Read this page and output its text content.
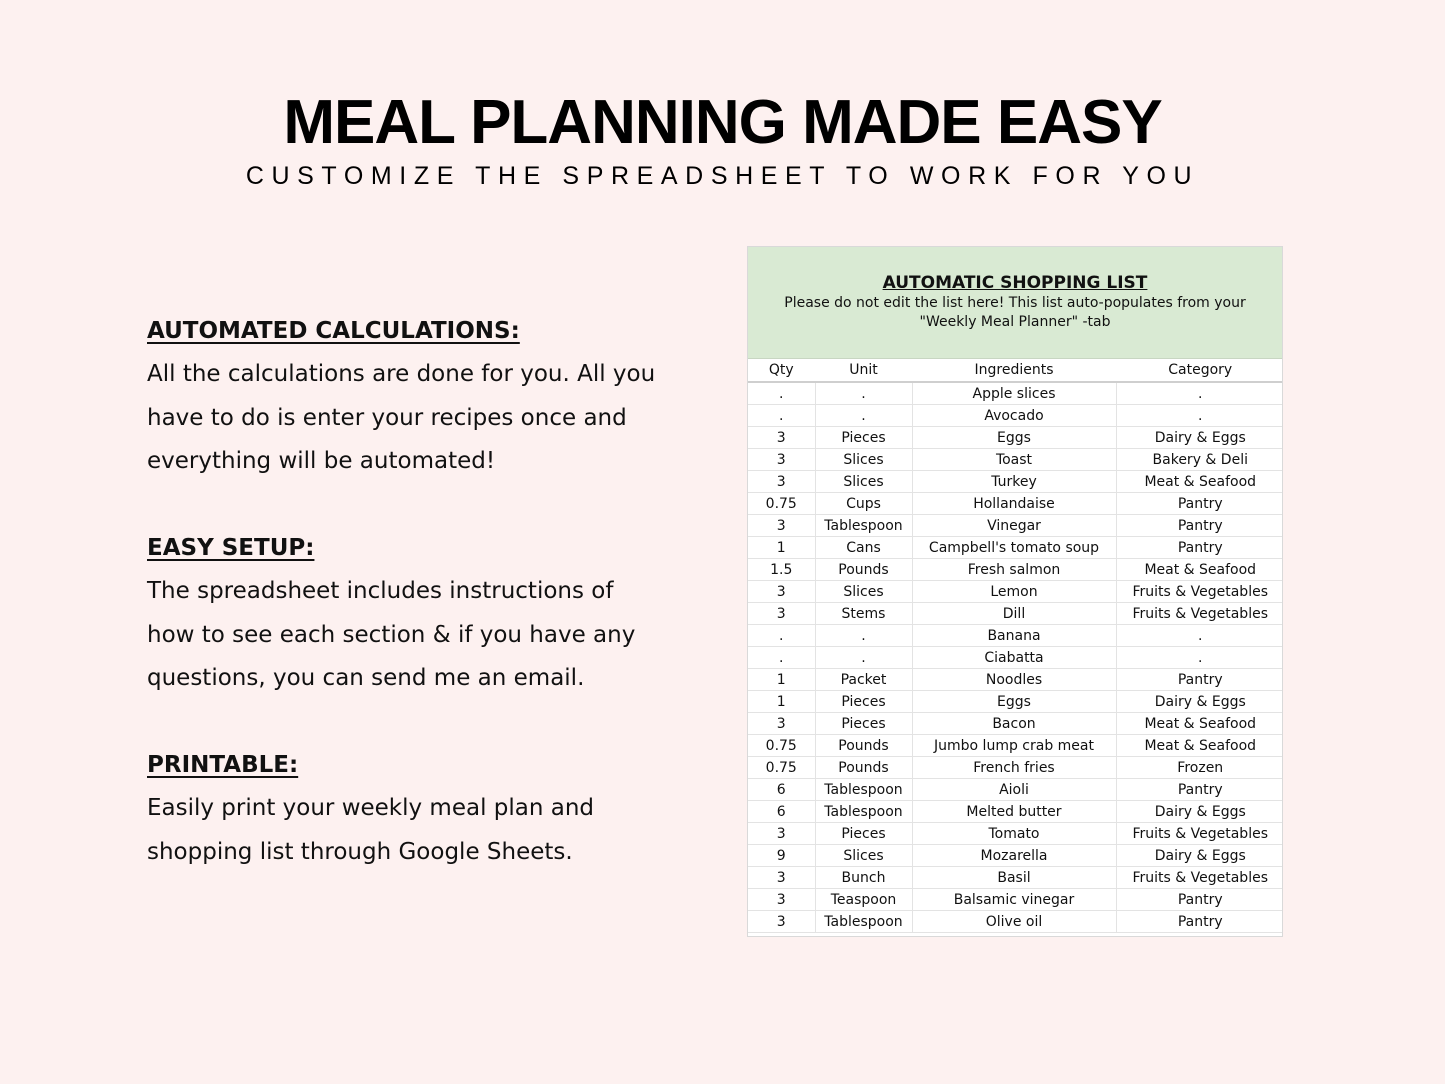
MEAL PLANNING MADE EASY
CUSTOMIZE THE SPREADSHEET TO WORK FOR YOU
AUTOMATED CALCULATIONS:
All the calculations are done for you. All you
have to do is enter your recipes once and
everything will be automated!
EASY SETUP:
The spreadsheet includes instructions of
how to see each section & if you have any
questions, you can send me an email.
PRINTABLE:
Easily print your weekly meal plan and
shopping list through Google Sheets.
AUTOMATIC SHOPPING LIST
Please do not edit the list here! This list auto-populates from your
"Weekly Meal Planner" -tab
Qty	Unit	Ingredients	Category
.	.	Apple slices	.
.	.	Avocado	.
3	Pieces	Eggs	Dairy & Eggs
3	Slices	Toast	Bakery & Deli
3	Slices	Turkey	Meat & Seafood
0.75	Cups	Hollandaise	Pantry
3	Tablespoon	Vinegar	Pantry
1	Cans	Campbell's tomato soup	Pantry
1.5	Pounds	Fresh salmon	Meat & Seafood
3	Slices	Lemon	Fruits & Vegetables
3	Stems	Dill	Fruits & Vegetables
.	.	Banana	.
.	.	Ciabatta	.
1	Packet	Noodles	Pantry
1	Pieces	Eggs	Dairy & Eggs
3	Pieces	Bacon	Meat & Seafood
0.75	Pounds	Jumbo lump crab meat	Meat & Seafood
0.75	Pounds	French fries	Frozen
6	Tablespoon	Aioli	Pantry
6	Tablespoon	Melted butter	Dairy & Eggs
3	Pieces	Tomato	Fruits & Vegetables
9	Slices	Mozarella	Dairy & Eggs
3	Bunch	Basil	Fruits & Vegetables
3	Teaspoon	Balsamic vinegar	Pantry
3	Tablespoon	Olive oil	Pantry
